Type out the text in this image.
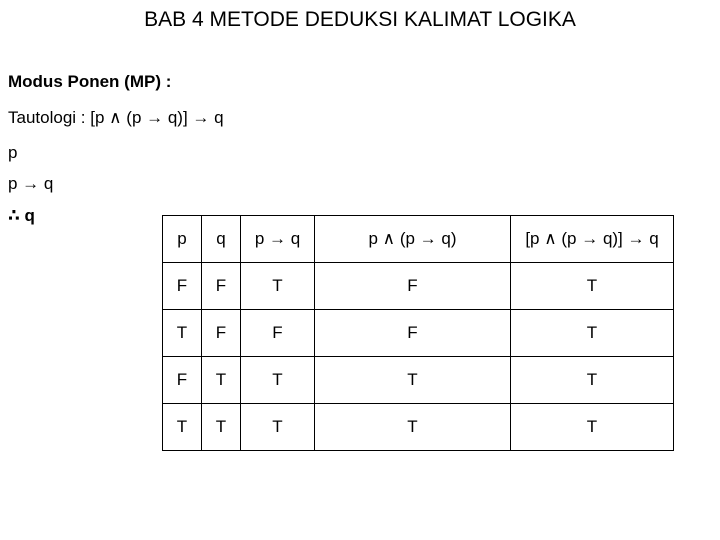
BAB 4 METODE DEDUKSI KALIMAT LOGIKA
Modus Ponen (MP) :
Tautologi : [p ∧ (p → q)] → q
p
p → q
∴ q
p	q	p → q	p ∧ (p → q)	[p ∧ (p → q)] → q
F	F	T	F	T
T	F	F	F	T
F	T	T	T	T
T	T	T	T	T
